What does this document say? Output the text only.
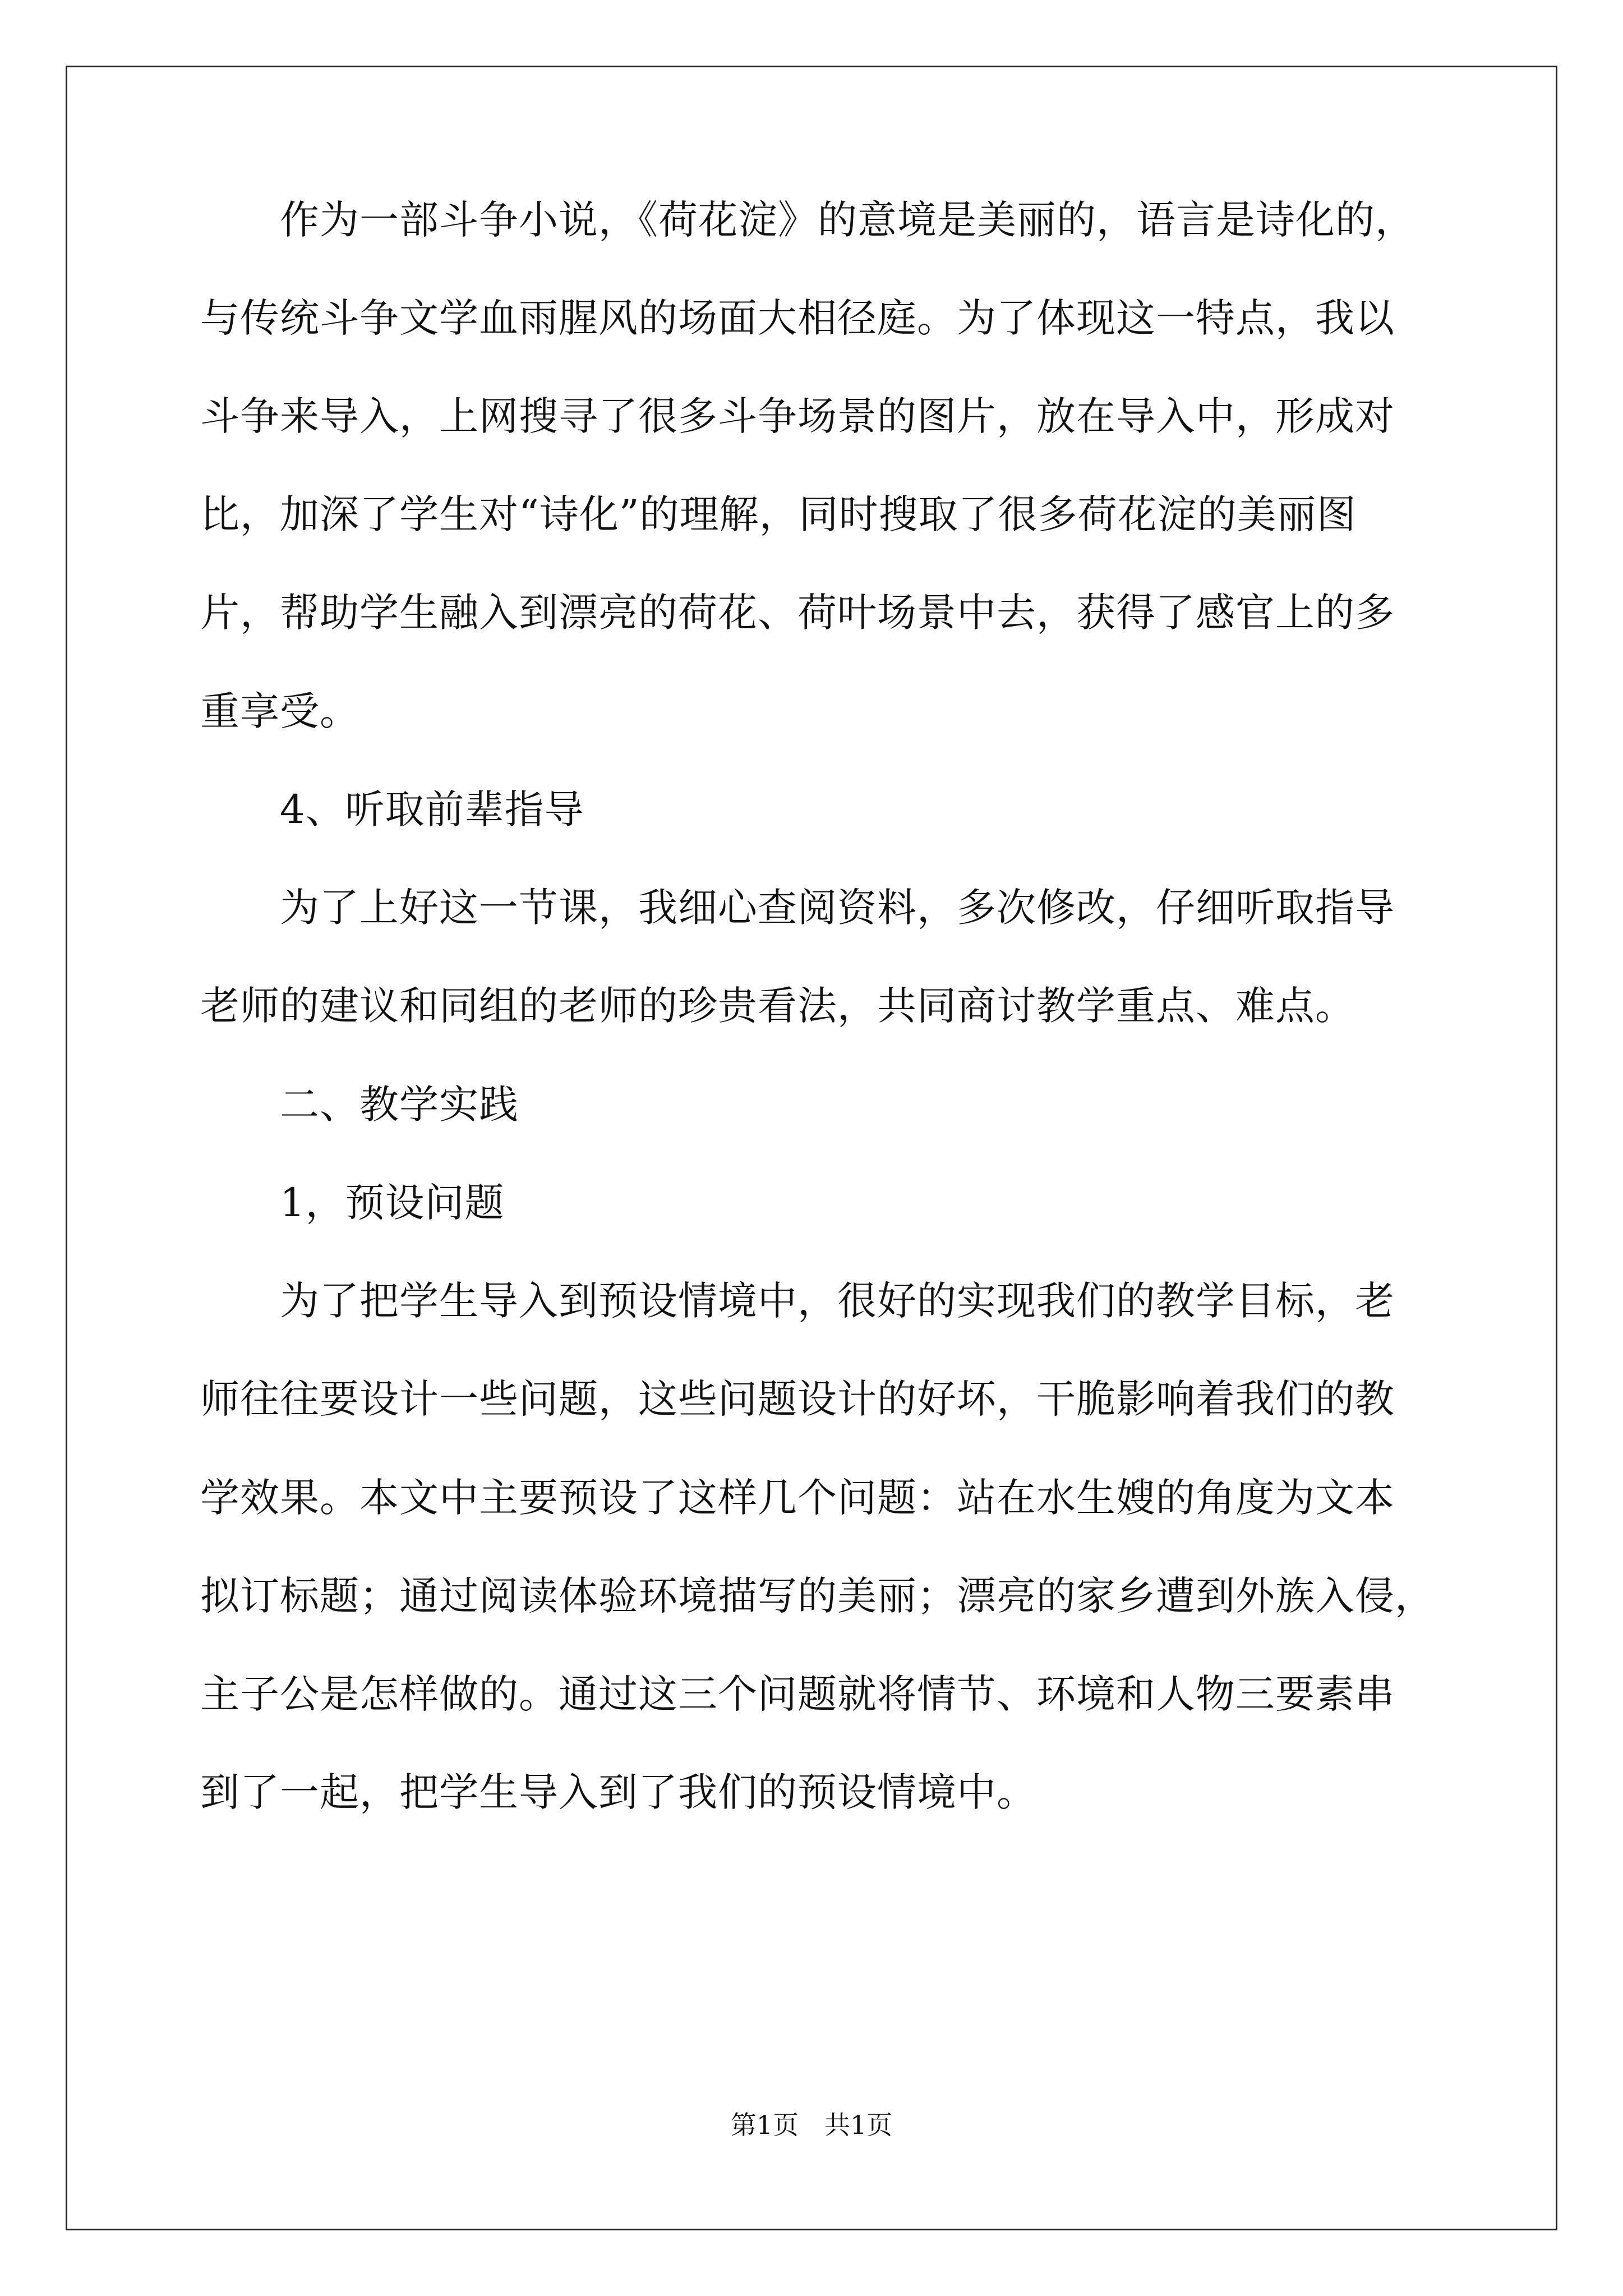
　　作为一部斗争小说，《荷花淀》的意境是美丽的，语言是诗化的，
与传统斗争文学血雨腥风的场面大相径庭。为了体现这一特点，我以
斗争来导入，上网搜寻了很多斗争场景的图片，放在导入中，形成对
比，加深了学生对“诗化”的理解，同时搜取了很多荷花淀的美丽图
片，帮助学生融入到漂亮的荷花、荷叶场景中去，获得了感官上的多
重享受。
　　4、听取前辈指导
　　为了上好这一节课，我细心查阅资料，多次修改，仔细听取指导
老师的建议和同组的老师的珍贵看法，共同商讨教学重点、难点。
　　二、教学实践
　　1，预设问题
　　为了把学生导入到预设情境中，很好的实现我们的教学目标，老
师往往要设计一些问题，这些问题设计的好坏，干脆影响着我们的教
学效果。本文中主要预设了这样几个问题：站在水生嫂的角度为文本
拟订标题；通过阅读体验环境描写的美丽；漂亮的家乡遭到外族入侵，
主子公是怎样做的。通过这三个问题就将情节、环境和人物三要素串
到了一起，把学生导入到了我们的预设情境中。
第1页　共1页
